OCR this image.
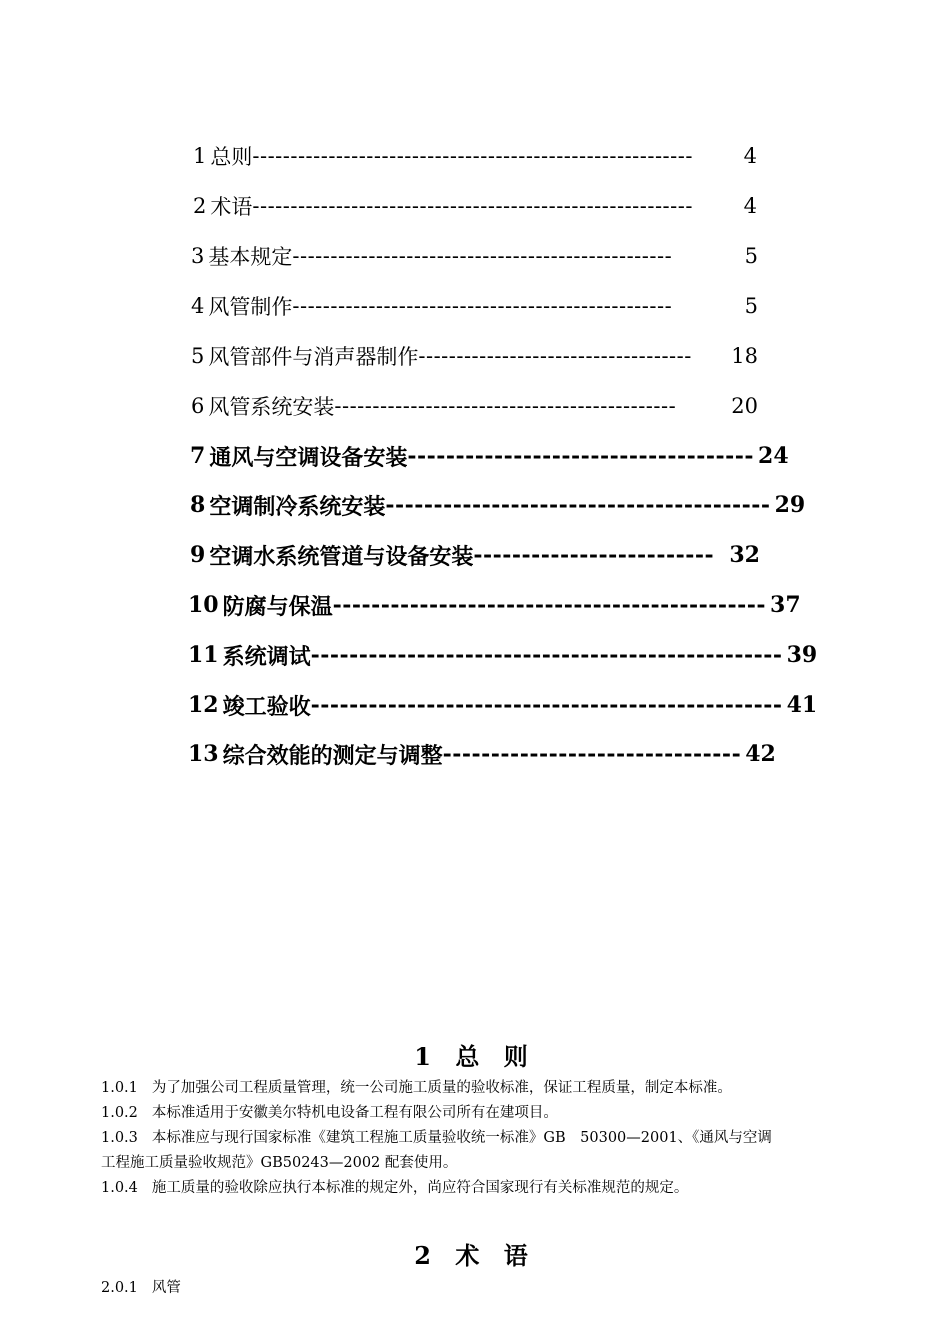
1 总则 ----------------------------------------------------------	4
2 术语 ----------------------------------------------------------	4
3 基本规定 --------------------------------------------------	5
4 风管制作 --------------------------------------------------	5
5 风管部件与消声器制作 ------------------------------------	18
6 风管系统安装 ---------------------------------------------	20
7 通风与空调设备安装 ------------------------------------ 24
8 空调制冷系统安装 ---------------------------------------- 29
9 空调水系统管道与设备安装 ------------------------- 32
10 防腐与保温 --------------------------------------------- 37
11 系统调试 ------------------------------------------------- 39
12 竣工验收 ------------------------------------------------- 41
13 综合效能的测定与调整 ------------------------------- 42
1 总 则
1.0.1 为了加强公司工程质量管理，统一公司施工质量的验收标准，保证工程质量，制定本标准。
1.0.2 本标准适用于安徽美尔特机电设备工程有限公司所有在建项目。
1.0.3 本标准应与现行国家标准《建筑工程施工质量验收统一标准》GB　50300—2001、《通风与空调
工程施工质量验收规范》GB50243—2002 配套使用。
1.0.4 施工质量的验收除应执行本标准的规定外，尚应符合国家现行有关标准规范的规定。
2 术 语
2.0.1 风管
